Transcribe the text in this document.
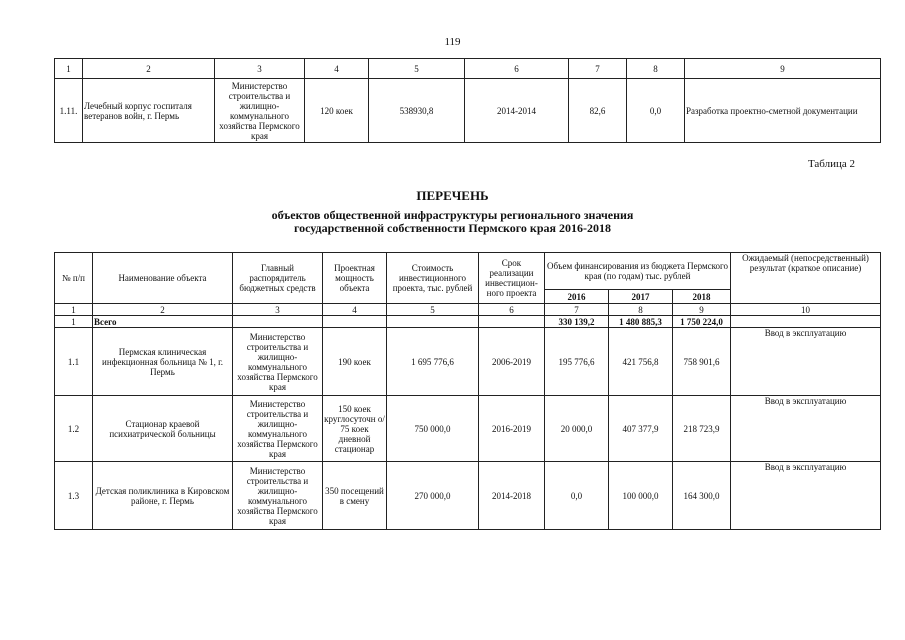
119
1	2	3	4	5	6	7	8	9
1.11.	Лечебный корпус госпиталя ветеранов войн, г. Пермь	Министерство строительства и жилищно-коммунального хозяйства Пермского края	120 коек	538930,8	2014-2014	82,6	0,0	Разработка проектно-сметной документации
Таблица 2
ПЕРЕЧЕНЬ
объектов общественной инфраструктуры регионального значения
государственной собственности Пермского края 2016-2018
№ п/п	Наименование объекта	Главный распорядитель бюджетных средств	Проектная мощность объекта	Стоимость инвестиционного проекта, тыс. рублей	Срок реализации инвестицион-ного проекта	Объем финансирования из бюджета Пермского края (по годам) тыс. рублей			Ожидаемый (непосредственный) результат (краткое описание)
						2016	2017	2018	
1	2	3	4	5	6	7	8	9	10
1	Всего					330 139,2	1 480 885,3	1 750 224,0	
1.1	Пермская клиническая инфекционная больница № 1, г. Пермь	Министерство строительства и жилищно-коммунального хозяйства Пермского края	190 коек	1 695 776,6	2006-2019	195 776,6	421 756,8	758 901,6	Ввод в эксплуатацию
1.2	Стационар краевой психиатрической больницы	Министерство строительства и жилищно-коммунального хозяйства Пермского края	150 коек круглосуточн о/ 75 коек дневной стационар	750 000,0	2016-2019	20 000,0	407 377,9	218 723,9	Ввод в эксплуатацию
1.3	Детская поликлиника в Кировском районе, г. Пермь	Министерство строительства и жилищно-коммунального хозяйства Пермского края	350 посещений в смену	270 000,0	2014-2018	0,0	100 000,0	164 300,0	Ввод в эксплуатацию
